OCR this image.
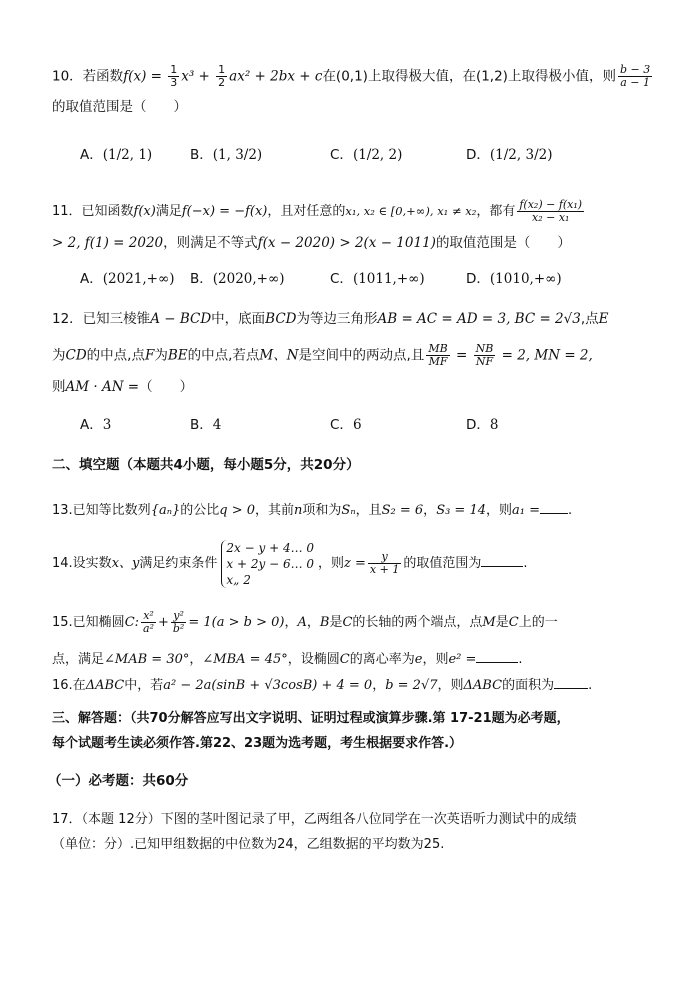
10．若函数$f(x) = \frac{1}{3} x^3 + \frac{1}{2} ax^2 + 2bx + c$在(0,1)上取得极大值，在(1,2)上取得极小值，则 $\frac{b - 3}{a - 1}$
的取值范围是（　　）
A．(1/2, 1)	B．(1, 3/2)	C．(1/2, 2)	D．(1/2, 3/2)
11．已知函数f(x)满足f(−x) = −f(x)，且对任意的x₁, x₂ ∈ [0,+∞), x₁ ≠ x₂，都有 $\frac{\text{f(x₂) − f(x₁)}}{\text{x₂ − x₁}}$
> 2, f(1) = 2020，则满足不等式f(x − 2020) > 2(x − 1011)的取值范围是（　　）
A．(2021,+∞) B．(2020,+∞)	C．(1011,+∞)	D．(1010,+∞)
12．已知三棱锥A − BCD中，底面BCD为等边三角形AB = AC = AD = 3, BC = 2√3,点E
为CD的中点,点F为BE的中点,若点M、N是空间中的两动点,且 $\frac{MB}{MF} = \frac{NB}{NF} = 2$, MN = 2,
则AM · AN =（　　）
A．3	B．4	C．6	D．8
二、填空题（本题共4小题，每小题5分，共20分）
13.已知等比数列{aₙ}的公比q > 0，其前n项和为Sₙ，且S₂ = 6，S₃ = 14，则a₁ = .
14.设实数x、y满足约束条件
2x − y + 4… 0
x + 2y − 6… 0
x„ 2
，则$z = \frac{y}{x + 1}$ 的取值范围为	.
15.已知椭圆C: $\frac{\text{x²}}{\text{a²}} + \frac{\text{y²}}{\text{b²}} = 1(a > b > 0)$，A，B是C的长轴的两个端点，点M是C上的一
点，满足∠MAB = 30°，∠MBA = 45°，设椭圆C的离心率为e，则e² =	.
16.在ΔABC中，若a² − 2a(sinB + √3cosB) + 4 = 0，b = 2√7，则ΔABC的面积为	.
三、解答题：（共70分解答应写出文字说明、证明过程或演算步骤.第 17-21题为必考题，
每个试题考生读必须作答.第22、23题为选考题，考生根据要求作答.）
（一）必考题：共60分
17．（本题 12分）下图的茎叶图记录了甲，乙两组各八位同学在一次英语听力测试中的成绩
（单位：分）.已知甲组数据的中位数为24，乙组数据的平均数为25.
